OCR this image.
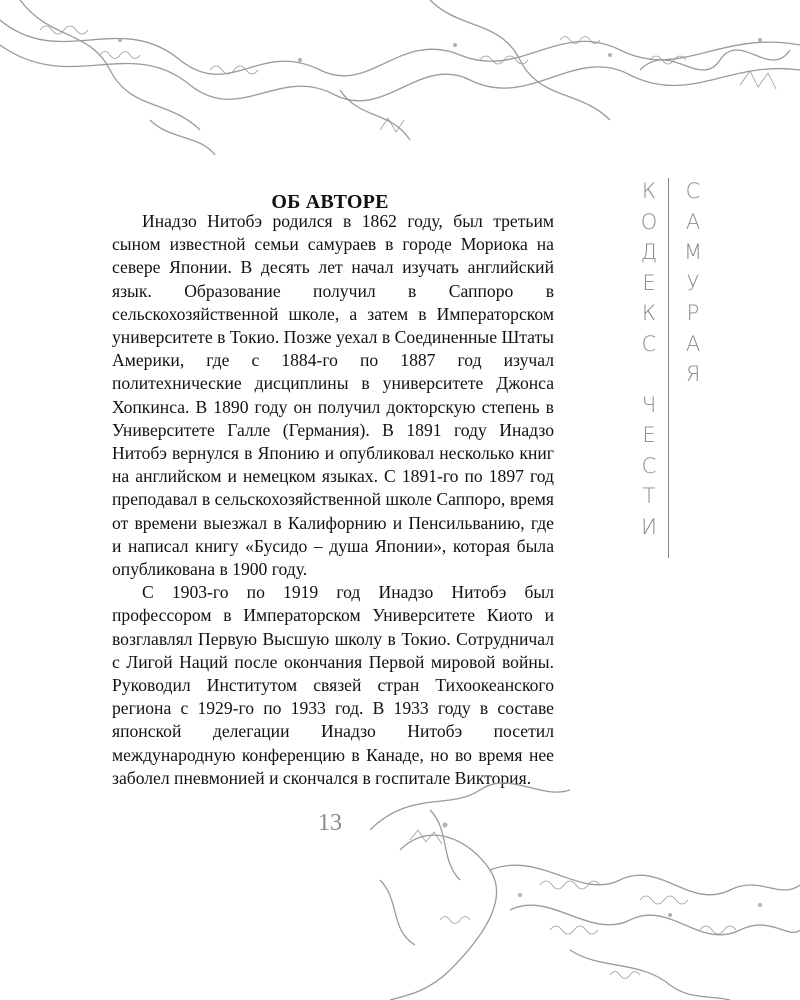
ОБ АВТОРЕ

Инадзо Нитобэ родился в 1862 году, был третьим сыном известной семьи самураев в городе Мориока на севере Японии. В десять лет начал изучать английский язык. Образование получил в Саппоро в сельскохозяйственной школе, а затем в Императорском университете в Токио. Позже уехал в Соединенные Штаты Америки, где с 1884-го по 1887 год изучал политехнические дисциплины в университете Джонса Хопкинса. В 1890 году он получил докторскую степень в Университете Галле (Германия). В 1891 году Инадзо Нитобэ вернулся в Японию и опубликовал несколько книг на английском и немецком языках. С 1891-го по 1897 год преподавал в сельскохозяйственной школе Саппоро, время от времени выезжал в Калифорнию и Пенсильванию, где и написал книгу «Бусидо – душа Японии», которая была опубликована в 1900 году.

С 1903-го по 1919 год Инадзо Нитобэ был профессором в Императорском Университете Киото и возглавлял Первую Высшую школу в Токио. Сотрудничал с Лигой Наций после окончания Первой мировой войны. Руководил Институтом связей стран Тихоокеанского региона с 1929-го по 1933 год. В 1933 году в составе японской делегации Инадзо Нитобэ посетил международную конференцию в Канаде, но во время нее заболел пневмонией и скончался в госпитале Виктория.

К
О
Д
Е
К
С
Ч
Е
С
Т
И
С
А
М
У
Р
А
Я
13
